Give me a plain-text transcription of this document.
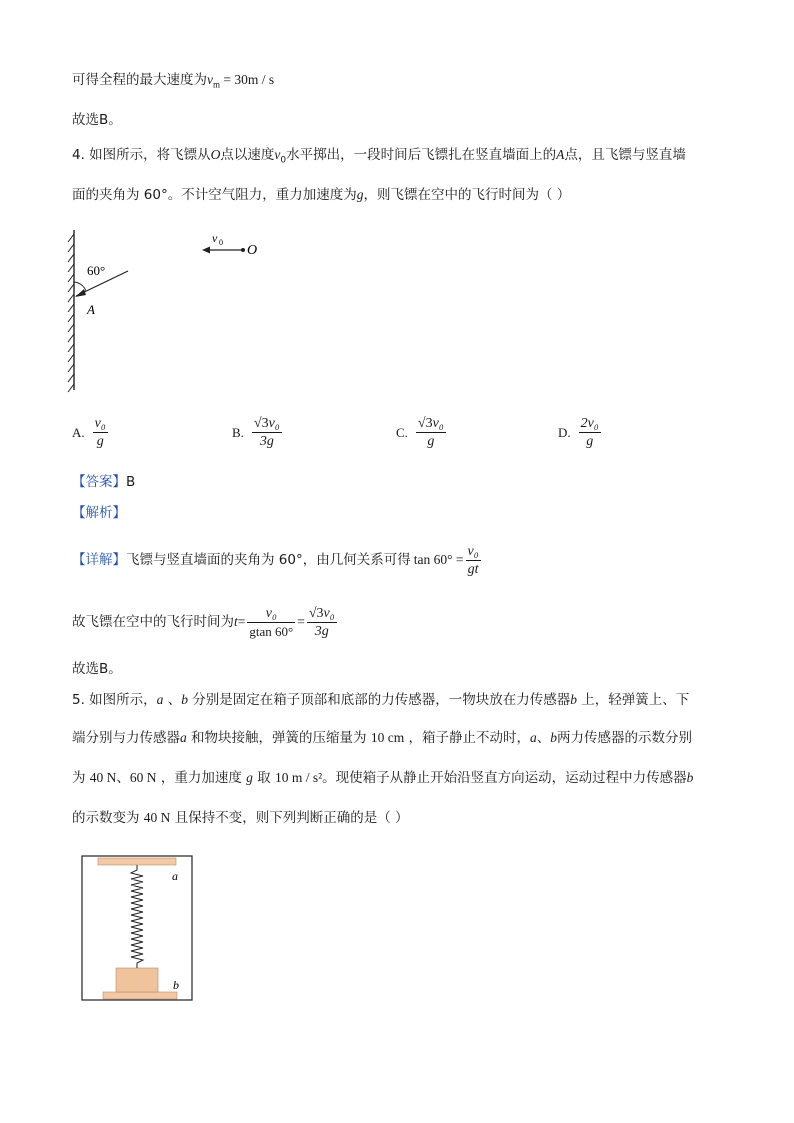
可得全程的最大速度为$v_m = 30m / s$
故选B。
4. 如图所示，将飞镖从O点以速度$v_0$水平掷出，一段时间后飞镖扎在竖直墙面上的A点，且飞镖与竖直墙
面的夹角为 60°。不计空气阻力，重力加速度为g，则飞镖在空中的飞行时间为（ ）
60°
A
v 0
O
A. $\frac{\text{v₀}}{g}$	B. $\frac{\text{√3v₀}}{3g}$	C. $\frac{\text{√3v₀}}{g}$	D. $\frac{\text{2v₀}}{g}$
【答案】B
【解析】
【详解】 飞镖与竖直墙面的夹角为 60°，由几何关系可得 $\tan 60^\circ = \frac{\text{v₀}}{gt}$
故飞镖在空中的飞行时间为 $t = \frac{\text{v₀}}{gtan 60^\circ} = \frac{\text{√3v₀}}{3g}$
故选B。
5. 如图所示，a 、b 分别是固定在箱子顶部和底部的力传感器，一物块放在力传感器b 上，轻弹簧上、下
端分别与力传感器a 和物块接触，弹簧的压缩量为 10 cm ，箱子静止不动时，a、b两力传感器的示数分别
为 40 N、60 N ，重力加速度 g 取 10 m / s²。现使箱子从静止开始沿竖直方向运动，运动过程中力传感器b
的示数变为 40 N 且保持不变，则下列判断正确的是（ ）
a
b
